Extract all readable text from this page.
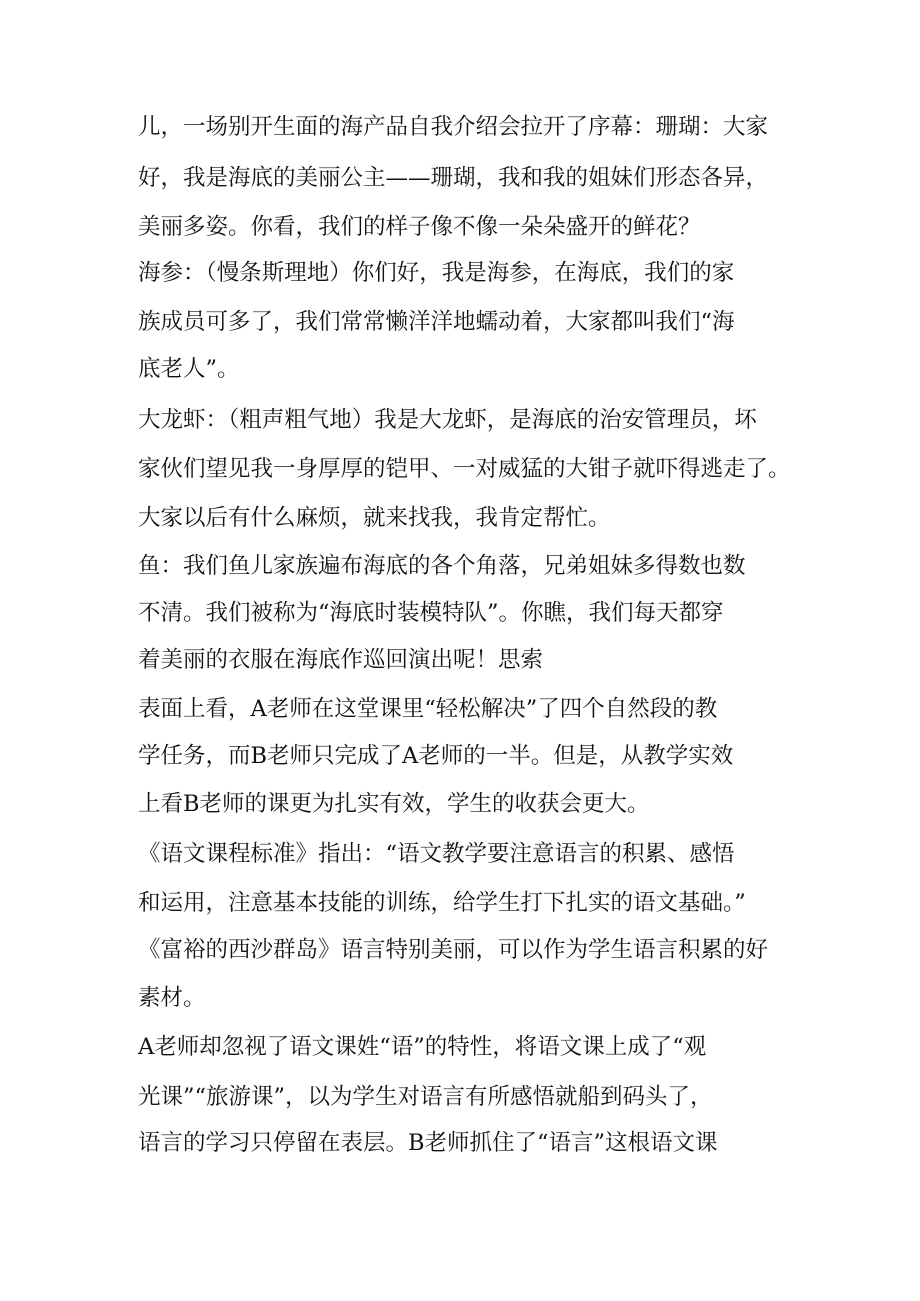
儿，一场别开生面的海产品自我介绍会拉开了序幕：珊瑚：大家
好，我是海底的美丽公主——珊瑚，我和我的姐妹们形态各异，
美丽多姿。你看，我们的样子像不像一朵朵盛开的鲜花？
海参：（慢条斯理地）你们好，我是海参，在海底，我们的家
族成员可多了，我们常常懒洋洋地蠕动着，大家都叫我们“海
底老人”。
大龙虾：（粗声粗气地）我是大龙虾，是海底的治安管理员，坏
家伙们望见我一身厚厚的铠甲、一对威猛的大钳子就吓得逃走了。
大家以后有什么麻烦，就来找我，我肯定帮忙。
鱼：我们鱼儿家族遍布海底的各个角落，兄弟姐妹多得数也数
不清。我们被称为“海底时装模特队”。你瞧，我们每天都穿
着美丽的衣服在海底作巡回演出呢！思索
表面上看，A老师在这堂课里“轻松解决”了四个自然段的教
学任务，而B老师只完成了A老师的一半。但是，从教学实效
上看B老师的课更为扎实有效，学生的收获会更大。
《语文课程标准》指出：“语文教学要注意语言的积累、感悟
和运用，注意基本技能的训练，给学生打下扎实的语文基础。”
《富裕的西沙群岛》语言特别美丽，可以作为学生语言积累的好
素材。
A老师却忽视了语文课姓“语”的特性，将语文课上成了“观
光课”“旅游课”，以为学生对语言有所感悟就船到码头了，
语言的学习只停留在表层。B老师抓住了“语言”这根语文课
